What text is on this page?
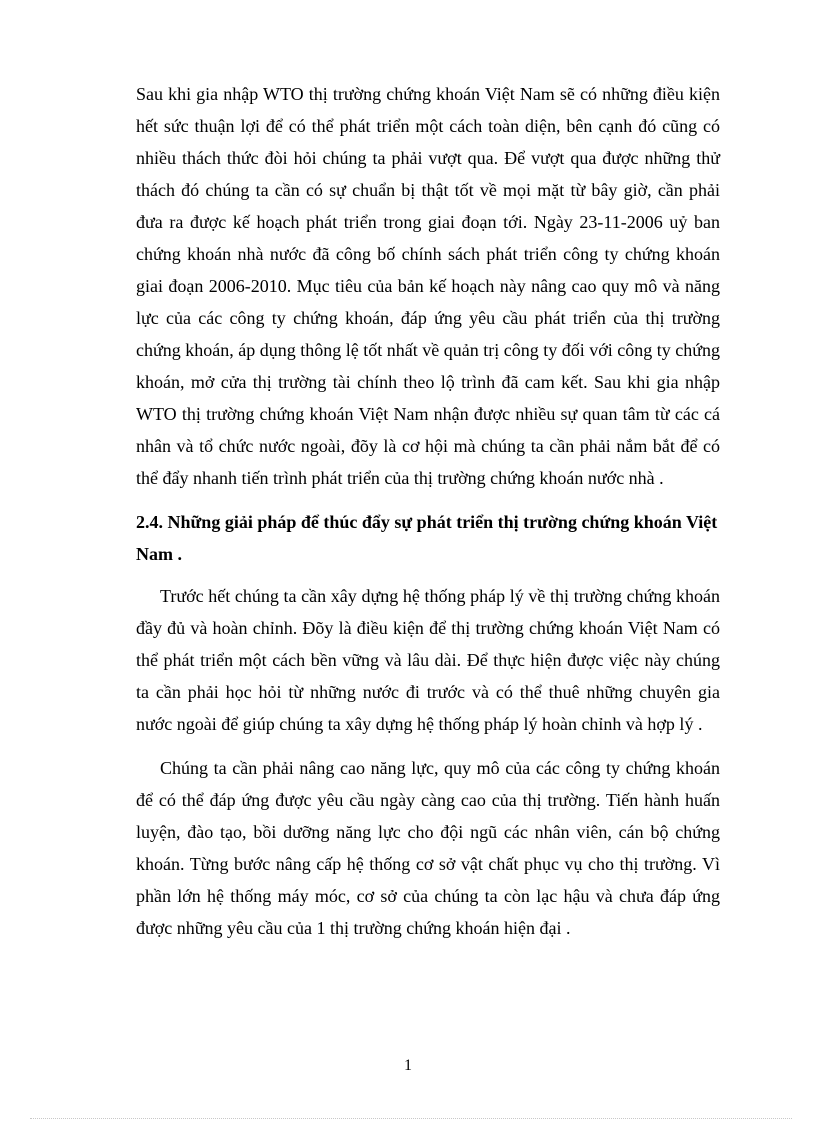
Sau khi gia nhập WTO thị trường chứng khoán Việt Nam sẽ có những điều kiện hết sức thuận lợi để có thể phát triển một cách toàn diện, bên cạnh đó cũng có nhiều thách thức đòi hỏi chúng ta phải vượt qua. Để vượt qua được những thử thách đó chúng ta cần có sự chuẩn bị thật tốt về mọi mặt từ bây giờ, cần phải đưa ra được kế hoạch phát triển trong giai đoạn tới. Ngày 23-11-2006 uỷ ban chứng khoán nhà nước đã công bố chính sách phát triển công ty chứng khoán giai đoạn 2006-2010. Mục tiêu của bản kế hoạch này nâng cao quy mô và năng lực của các công ty chứng khoán, đáp ứng yêu cầu phát triển của thị trường chứng khoán, áp dụng thông lệ tốt nhất về quản trị công ty đối với công ty chứng khoán, mở cửa thị trường tài chính theo lộ trình đã cam kết. Sau khi gia nhập WTO thị trường chứng khoán Việt Nam nhận được nhiều sự quan tâm từ các cá nhân và tổ chức nước ngoài, đõy là cơ hội mà chúng ta cần phải nắm bắt để có thể đẩy nhanh tiến trình phát triển của thị trường chứng khoán nước nhà .

2.4. Những giải pháp để thúc đẩy sự phát triển thị trường chứng khoán Việt Nam .

Trước hết chúng ta cần xây dựng hệ thống pháp lý về thị trường chứng khoán đầy đủ và hoàn chỉnh. Đõy là điều kiện để thị trường chứng khoán Việt Nam có thể phát triển một cách bền vững và lâu dài. Để thực hiện được việc này chúng ta cần phải học hỏi từ những nước đi trước và có thể thuê những chuyên gia nước ngoài để giúp chúng ta xây dựng hệ thống pháp lý hoàn chỉnh và hợp lý .

Chúng ta cần phải nâng cao năng lực, quy mô của các công ty chứng khoán để có thể đáp ứng được yêu cầu ngày càng cao của thị trường. Tiến hành huấn luyện, đào tạo, bồi dưỡng năng lực cho đội ngũ các nhân viên, cán bộ chứng khoán. Từng bước nâng cấp hệ thống cơ sở vật chất phục vụ cho thị trường. Vì phần lớn hệ thống máy móc, cơ sở của chúng ta còn lạc hậu và chưa đáp ứng được những yêu cầu của 1 thị trường chứng khoán hiện đại .

1
